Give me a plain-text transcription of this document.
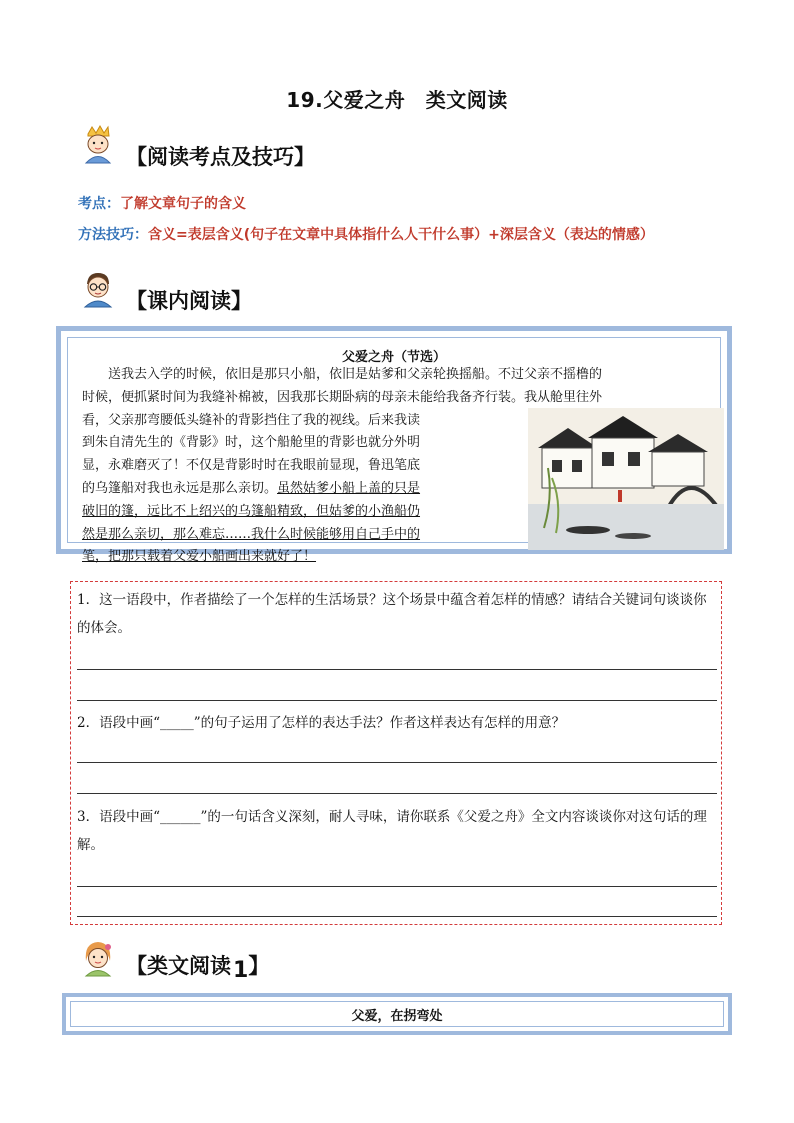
19.父爱之舟　类文阅读
【阅读考点及技巧】
考点：了解文章句子的含义
方法技巧：含义=表层含义(句子在文章中具体指什么人干什么事）+深层含义（表达的情感）
【课内阅读】
父爱之舟（节选）
送我去入学的时候，依旧是那只小船，依旧是姑爹和父亲轮换摇船。不过父亲不摇橹的
时候，便抓紧时间为我缝补棉被，因我那长期卧病的母亲未能给我备齐行装。我从舱里往外
看，父亲那弯腰低头缝补的背影挡住了我的视线。后来我读
到朱自清先生的《背影》时，这个船舱里的背影也就分外明
显，永难磨灭了！不仅是背影时时在我眼前显现，鲁迅笔底
的乌篷船对我也永远是那么亲切。虽然姑爹小船上盖的只是
破旧的篷，远比不上绍兴的乌篷船精致，但姑爹的小渔船仍
然是那么亲切，那么难忘……我什么时候能够用自己手中的
笔，把那只载着父爱小船画出来就好了！
1．这一语段中，作者描绘了一个怎样的生活场景？这个场景中蕴含着怎样的情感？请结合关键词句谈谈你的体会。
2．语段中画“_____”的句子运用了怎样的表达手法？作者这样表达有怎样的用意？
3．语段中画“______”的一句话含义深刻，耐人寻味，请你联系《父爱之舟》全文内容谈谈你对这句话的理解。
【类文阅读1】
父爱，在拐弯处
